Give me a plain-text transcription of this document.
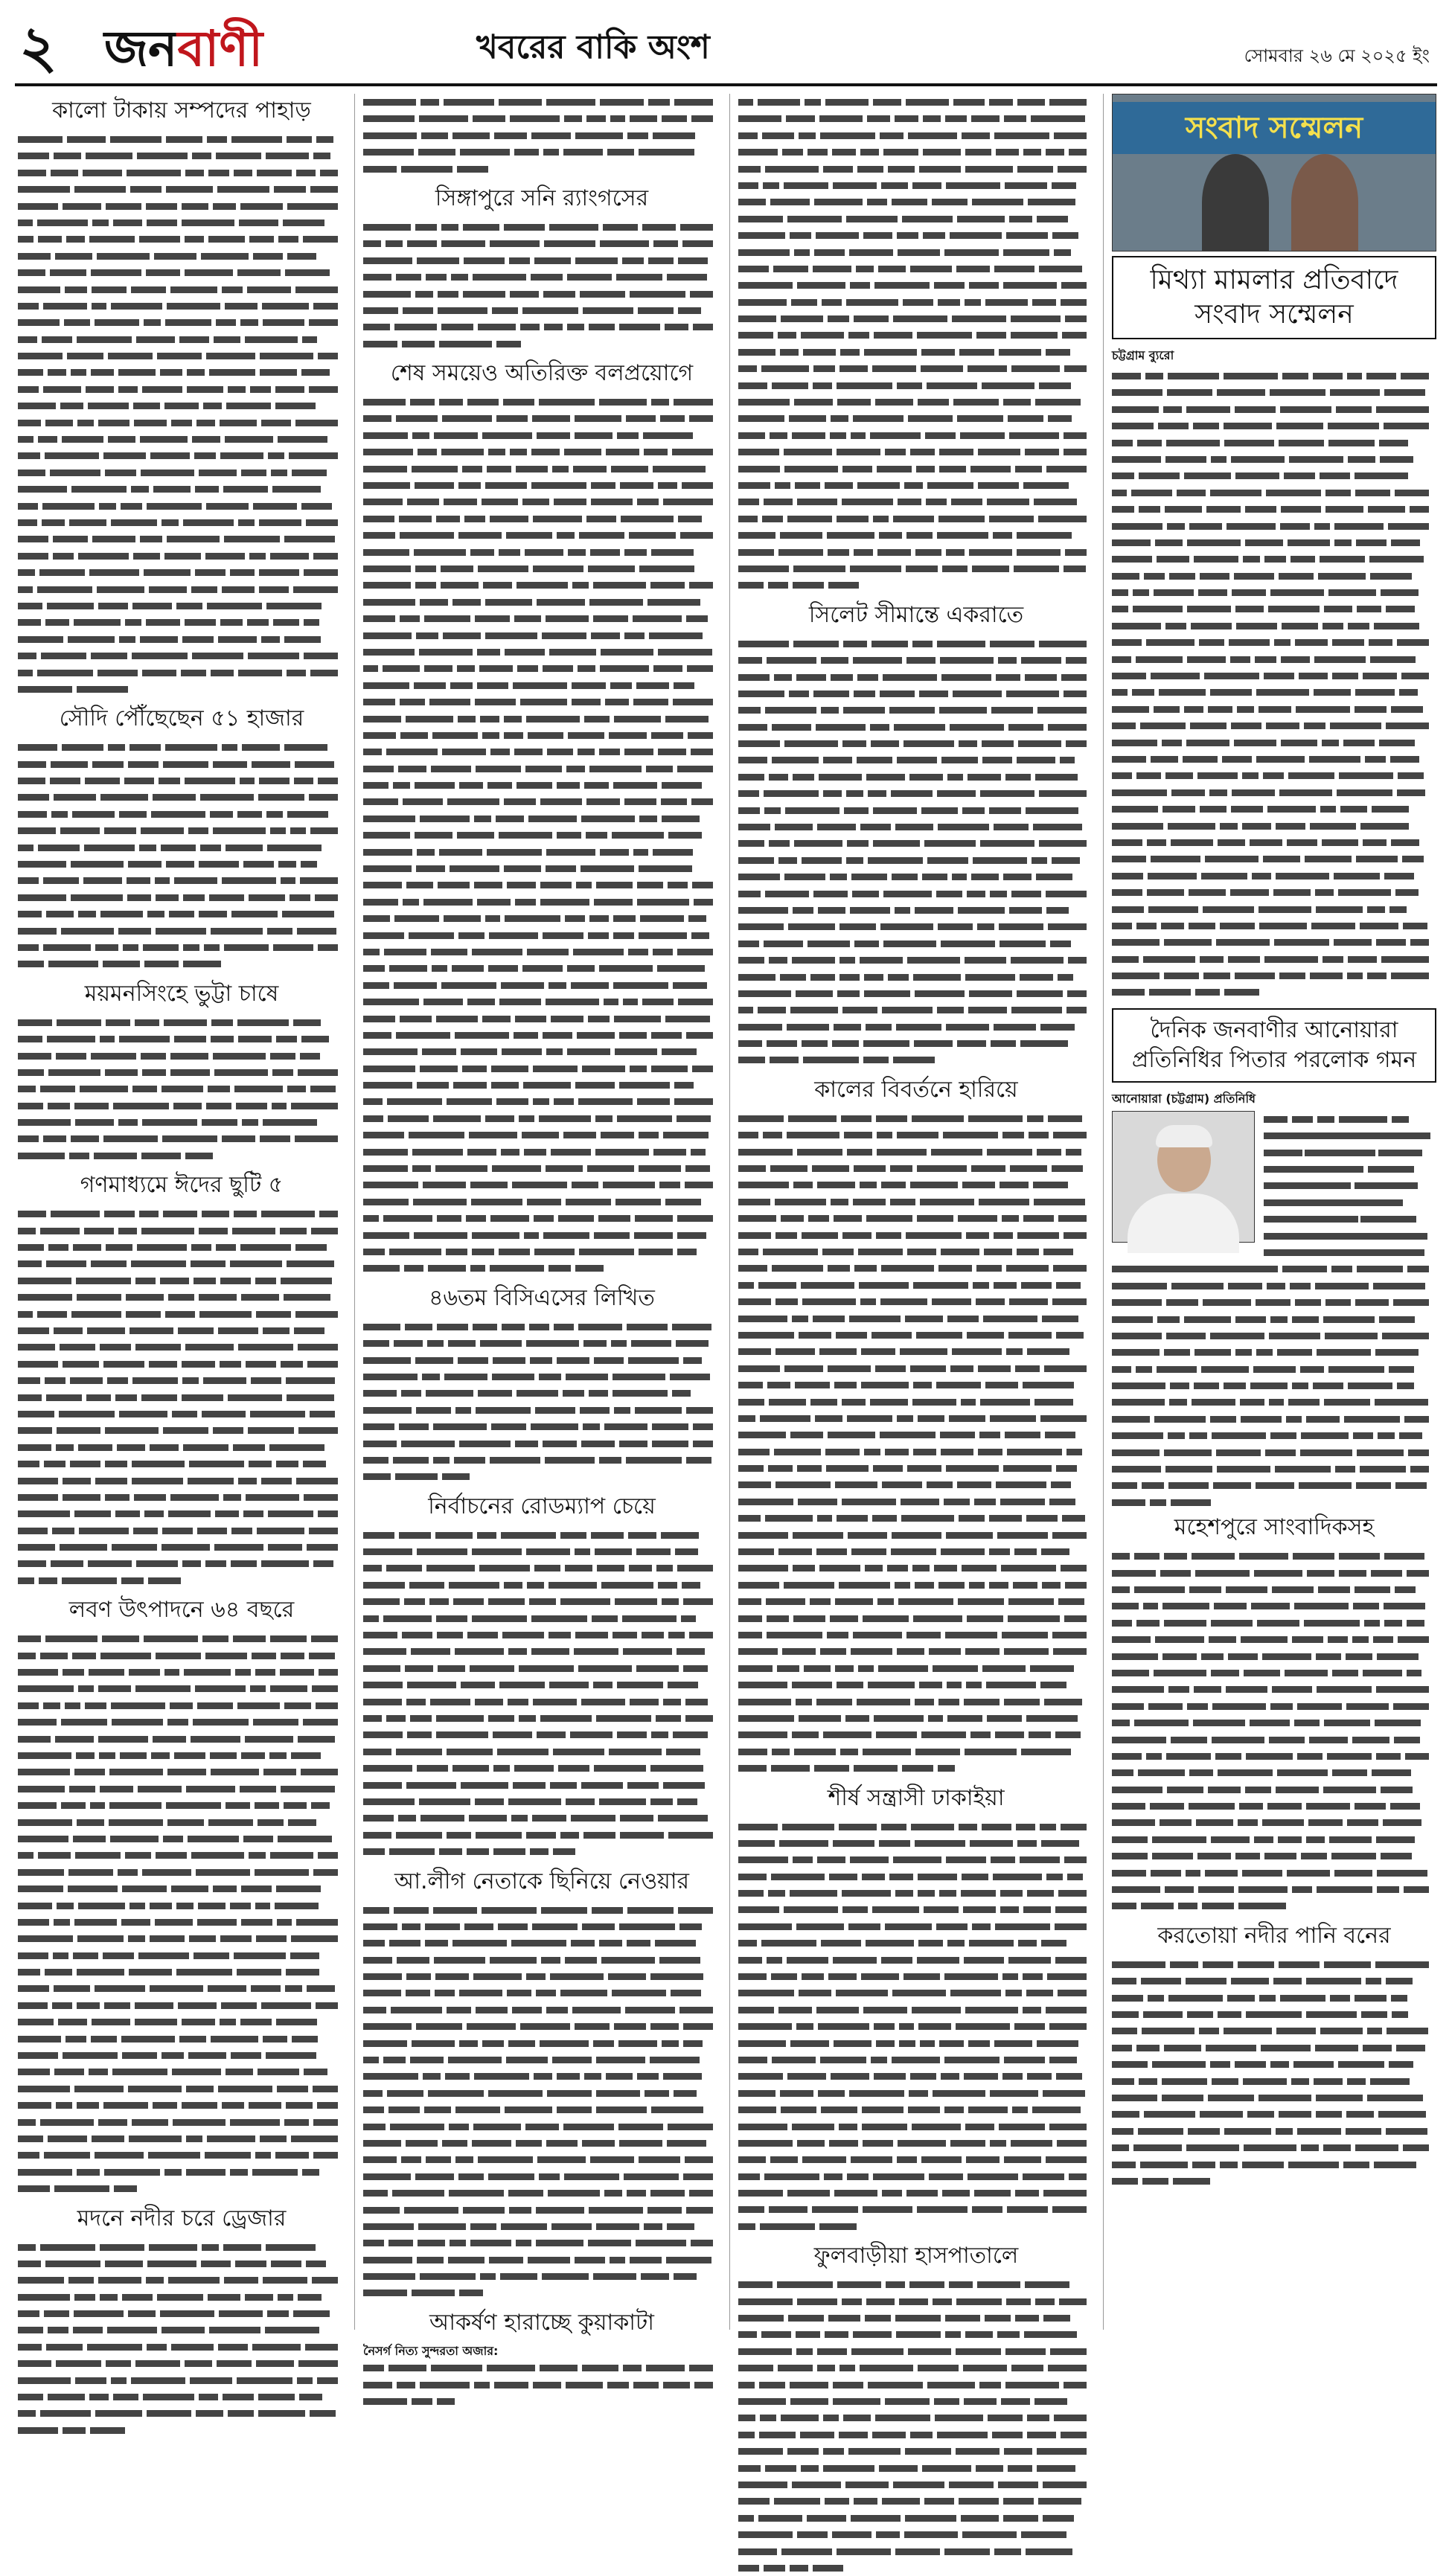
২ জনবাণী	খবরের বাকি অংশ	সোমবার ২৬ মে ২০২৫ ইং
কালো টাকায় সম্পদের পাহাড়
সৌদি পৌঁছেছেন ৫১ হাজার
ময়মনসিংহে ভুট্টা চাষে
গণমাধ্যমে ঈদের ছুটি ৫
লবণ উৎপাদনে ৬৪ বছরে
মদনে নদীর চরে ড্রেজার
সিঙ্গাপুরে সনি র‍্যাংগসের
শেষ সময়েও অতিরিক্ত বলপ্রয়োগে
৪৬তম বিসিএসের লিখিত
নির্বাচনের রোডম্যাপ চেয়ে
আ.লীগ নেতাকে ছিনিয়ে নেওয়ার
আকর্ষণ হারাচ্ছে কুয়াকাটা
নৈসর্গ নিত্য সুন্দরতা অজার:
সিলেট সীমান্তে একরাতে
কালের বিবর্তনে হারিয়ে
শীর্ষ সন্ত্রাসী ঢাকাইয়া
ফুলবাড়ীয়া হাসপাতালে
সংবাদ সম্মেলন
মিথ্যা মামলার প্রতিবাদে সংবাদ সম্মেলন
চট্টগ্রাম ব্যুরো
দৈনিক জনবাণীর আনোয়ারা প্রতিনিধির পিতার পরলোক গমন
আনোয়ারা (চট্টগ্রাম) প্রতিনিধি
মহেশপুরে সাংবাদিকসহ
করতোয়া নদীর পানি বনের
